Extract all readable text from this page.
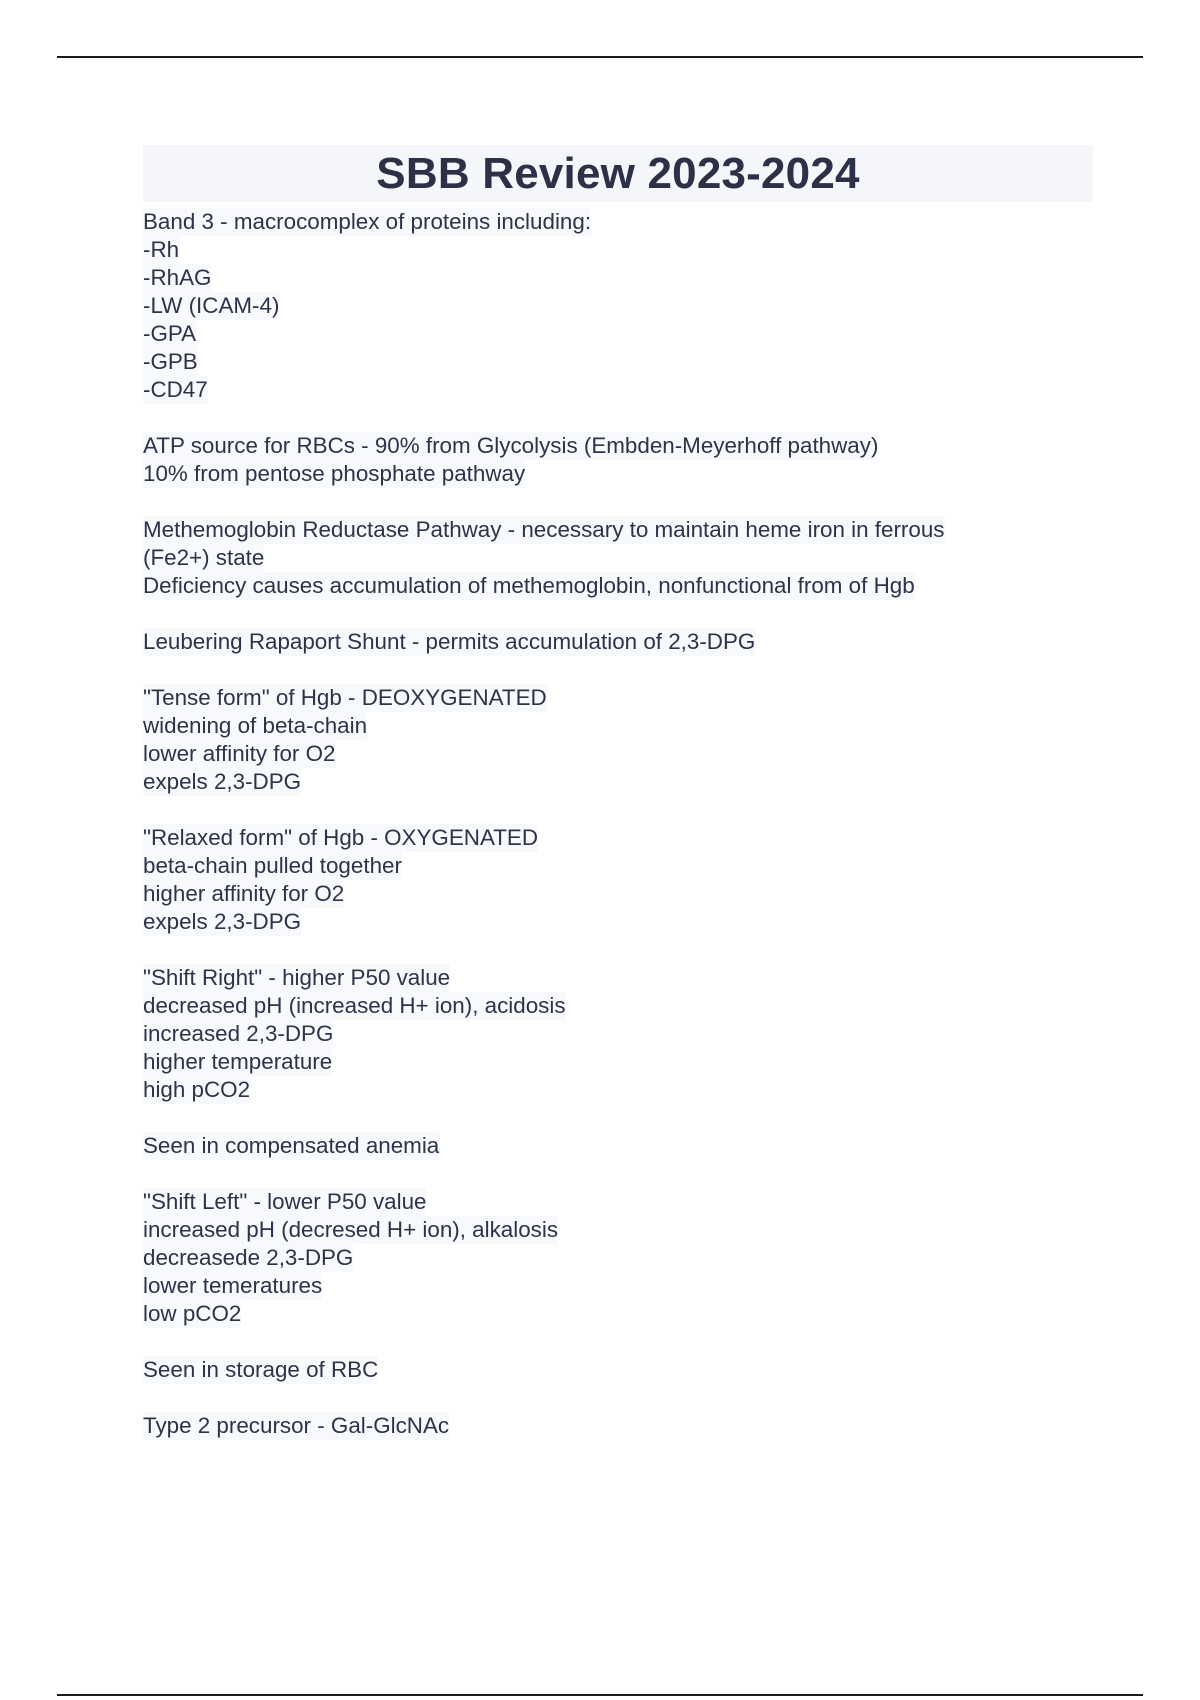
SBB Review 2023-2024
Band 3 - macrocomplex of proteins including:
-Rh
-RhAG
-LW (ICAM-4)
-GPA
-GPB
-CD47
ATP source for RBCs - 90% from Glycolysis (Embden-Meyerhoff pathway)
10% from pentose phosphate pathway
Methemoglobin Reductase Pathway - necessary to maintain heme iron in ferrous
(Fe2+) state
Deficiency causes accumulation of methemoglobin, nonfunctional from of Hgb
Leubering Rapaport Shunt - permits accumulation of 2,3-DPG
"Tense form" of Hgb - DEOXYGENATED
widening of beta-chain
lower affinity for O2
expels 2,3-DPG
"Relaxed form" of Hgb - OXYGENATED
beta-chain pulled together
higher affinity for O2
expels 2,3-DPG
"Shift Right" - higher P50 value
decreased pH (increased H+ ion), acidosis
increased 2,3-DPG
higher temperature
high pCO2
Seen in compensated anemia
"Shift Left" - lower P50 value
increased pH (decresed H+ ion), alkalosis
decreasede 2,3-DPG
lower temeratures
low pCO2
Seen in storage of RBC
Type 2 precursor - Gal-GlcNAc
